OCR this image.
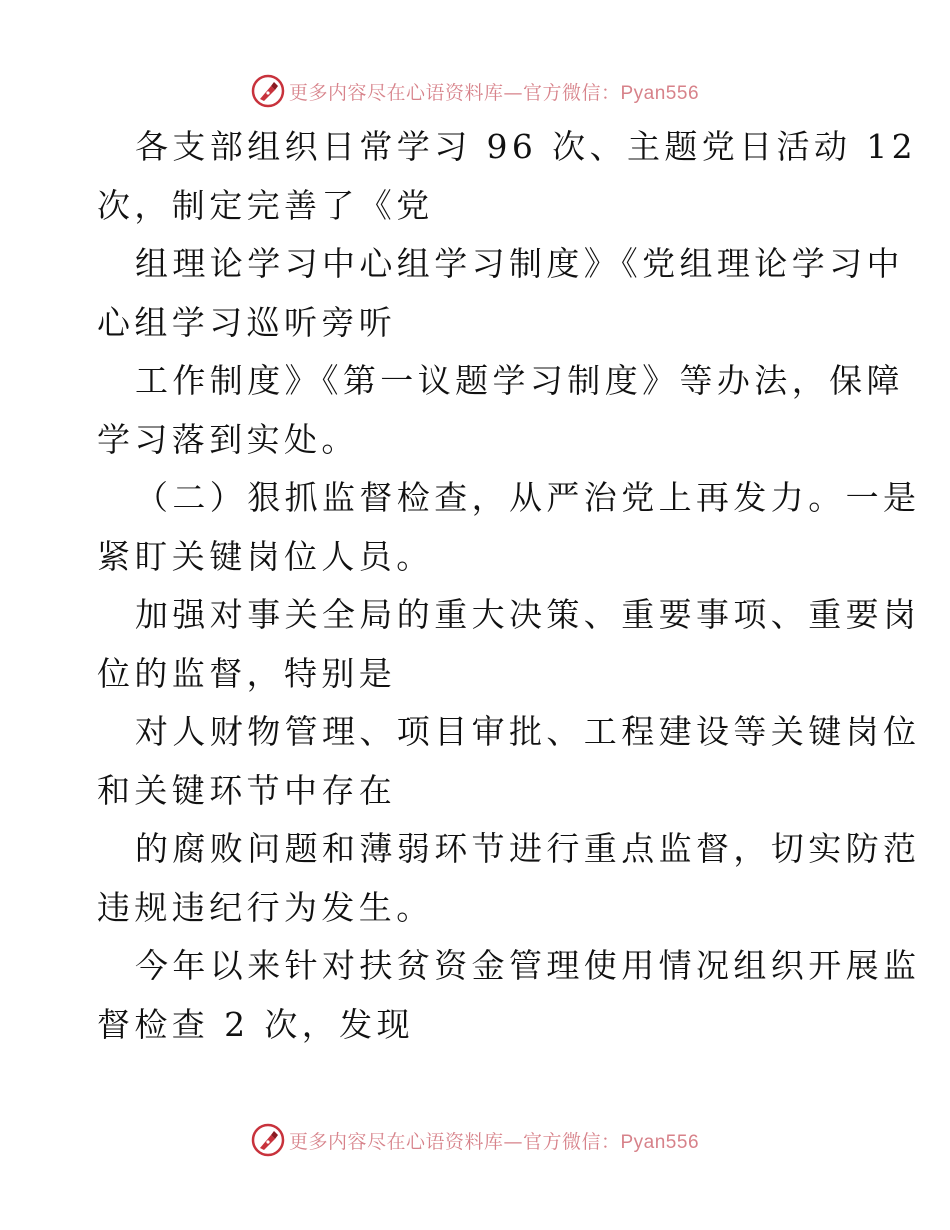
更多内容尽在心语资料库—官方微信：Pyan556
各支部组织日常学习 96 次、主题党日活动 12
次，制定完善了《党
组理论学习中心组学习制度》《党组理论学习中
心组学习巡听旁听
工作制度》《第一议题学习制度》等办法，保障
学习落到实处。
（二）狠抓监督检查，从严治党上再发力。一是
紧盯关键岗位人员。
加强对事关全局的重大决策、重要事项、重要岗
位的监督，特别是
对人财物管理、项目审批、工程建设等关键岗位
和关键环节中存在
的腐败问题和薄弱环节进行重点监督，切实防范
违规违纪行为发生。
今年以来针对扶贫资金管理使用情况组织开展监
督检查 2 次，发现
更多内容尽在心语资料库—官方微信：Pyan556
